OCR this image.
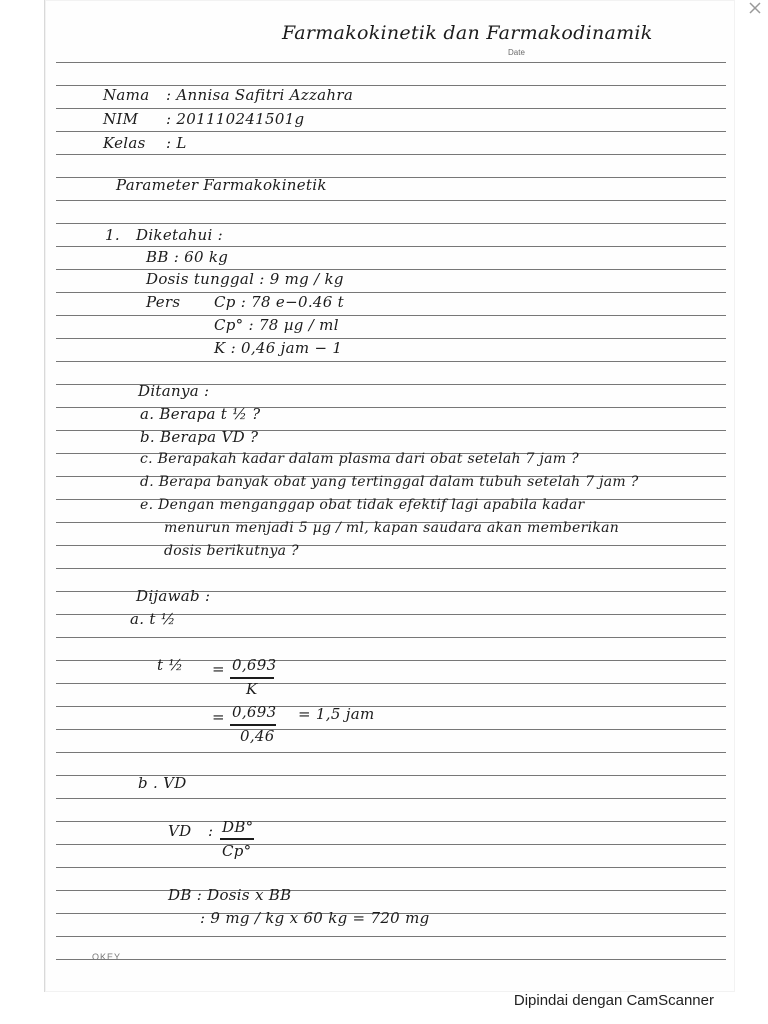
Farmakokinetik dan Farmakodinamik
Date
Nama : Annisa Safitri Azzahra
NIM : 201110241501g
Kelas : L
Parameter Farmakokinetik
1. Diketahui :
BB : 60 kg
Dosis tunggal : 9 mg / kg
Pers Cp : 78 e−0.46 t
Cp° : 78 µg / ml
K : 0,46 jam − 1
Ditanya :
a. Berapa t ½ ?
b. Berapa VD ?
c. Berapakah kadar dalam plasma dari obat setelah 7 jam ?
d. Berapa banyak obat yang tertinggal dalam tubuh setelah 7 jam ?
e. Dengan menganggap obat tidak efektif lagi apabila kadar
menurun menjadi 5 µg / ml, kapan saudara akan memberikan
dosis berikutnya ?
Dijawab :
a. t ½
t ½ = 0,693
K
= 0,693
0,46
= 1,5 jam
b . VD
VD : DB°
Cp°
DB : Dosis x BB
: 9 mg / kg x 60 kg = 720 mg
OKEY
Dipindai dengan CamScanner
